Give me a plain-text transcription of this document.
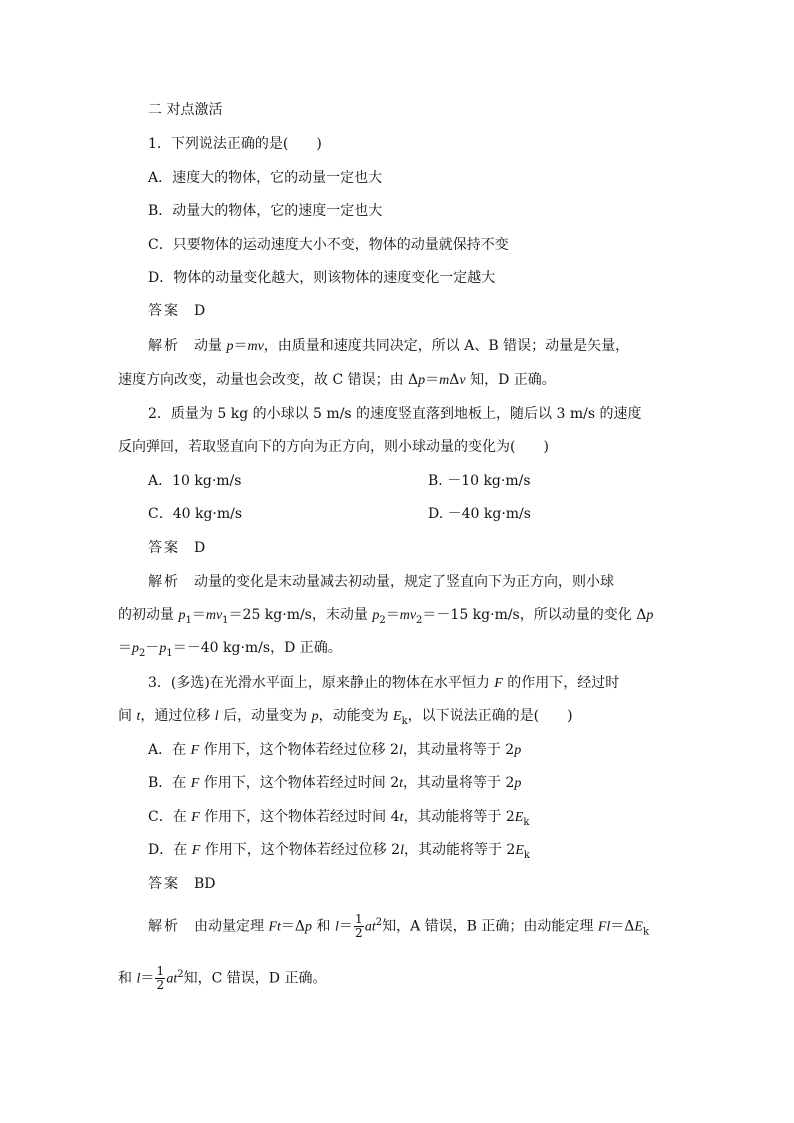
二 对点激活
1．下列说法正确的是(　　)
A．速度大的物体，它的动量一定也大
B．动量大的物体，它的速度一定也大
C．只要物体的运动速度大小不变，物体的动量就保持不变
D．物体的动量变化越大，则该物体的速度变化一定越大
答案 D
解析 动量 p＝mv，由质量和速度共同决定，所以 A、B 错误；动量是矢量，
速度方向改变，动量也会改变，故 C 错误；由 Δp＝mΔv 知，D 正确。
2．质量为 5 kg 的小球以 5 m/s 的速度竖直落到地板上，随后以 3 m/s 的速度
反向弹回，若取竖直向下的方向为正方向，则小球动量的变化为(　　)
A．10 kg·m/s	B. －10 kg·m/s
C．40 kg·m/s	D. －40 kg·m/s
答案 D
解析 动量的变化是末动量减去初动量，规定了竖直向下为正方向，则小球
的初动量 $p_1=mv_1=25$ kg·m/s，末动量 $p_2=mv_2=-15$ kg·m/s，所以动量的变化 Δp
$=p_2-p_1=-40$ kg·m/s，D 正确。
3．(多选)在光滑水平面上，原来静止的物体在水平恒力 F 的作用下，经过时
间 t，通过位移 l 后，动量变为 p，动能变为 $E_k$，以下说法正确的是(　　)
A．在 F 作用下，这个物体若经过位移 2l，其动量将等于 2p
B．在 F 作用下，这个物体若经过时间 2t，其动量将等于 2p
C．在 F 作用下，这个物体若经过时间 4t，其动能将等于 $2E_k$
D．在 F 作用下，这个物体若经过位移 2l，其动能将等于 $2E_k$
答案 BD
解析 由动量定理 Ft＝Δp 和 $l= \frac{1}{2} at^2$知，A 错误，B 正确；由动能定理 $Fl=\Delta E_k$
和 $l= \frac{1}{2} at^2$知，C 错误，D 正确。
